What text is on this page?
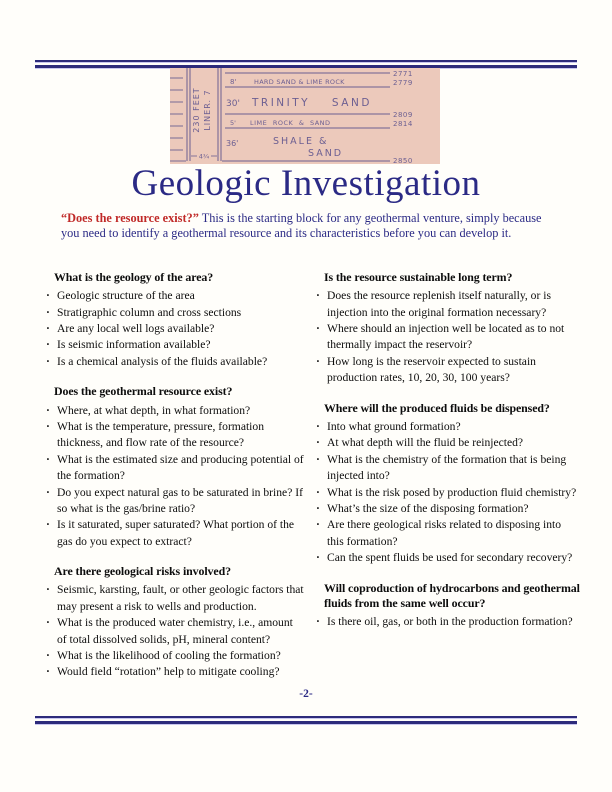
230 FEET LINER. 7
4¾
8'	HARD SAND & LIME ROCK
30' TRINITY SAND
5' LIME ROCK & SAND
36'	SHALE &
SAND
2771
2779
2809
2814
2850
Geologic Investigation

“Does the resource exist?” This is the starting block for any geothermal venture, simply because you need to identify a geothermal resource and its characteristics before you can develop it.

What is the geology of the area?
· Geologic structure of the area
· Stratigraphic column and cross sections
· Are any local well logs available?
· Is seismic information available?
· Is a chemical analysis of the fluids available?
Does the geothermal resource exist?
· Where, at what depth, in what formation?
· What is the temperature, pressure, formation thickness, and flow rate of the resource?
· What is the estimated size and producing potential of the formation?
· Do you expect natural gas to be saturated in brine? If so what is the gas/brine ratio?
· Is it saturated, super saturated? What portion of the gas do you expect to extract?
Are there geological risks involved?
· Seismic, karsting, fault, or other geologic factors that may present a risk to wells and production.
· What is the produced water chemistry, i.e., amount of total dissolved solids, pH, mineral content?
· What is the likelihood of cooling the formation?
· Would field “rotation” help to mitigate cooling?
Is the resource sustainable long term?
· Does the resource replenish itself naturally, or is injection into the original formation necessary?
· Where should an injection well be located as to not thermally impact the reservoir?
· How long is the reservoir expected to sustain production rates, 10, 20, 30, 100 years?
Where will the produced fluids be dispensed?
· Into what ground formation?
· At what depth will the fluid be reinjected?
· What is the chemistry of the formation that is being injected into?
· What is the risk posed by production fluid chemistry?
· What’s the size of the disposing formation?
· Are there geological risks related to disposing into this formation?
· Can the spent fluids be used for secondary recovery?
Will coproduction of hydrocarbons and geothermal fluids from the same well occur?
· Is there oil, gas, or both in the production formation?

-2-
